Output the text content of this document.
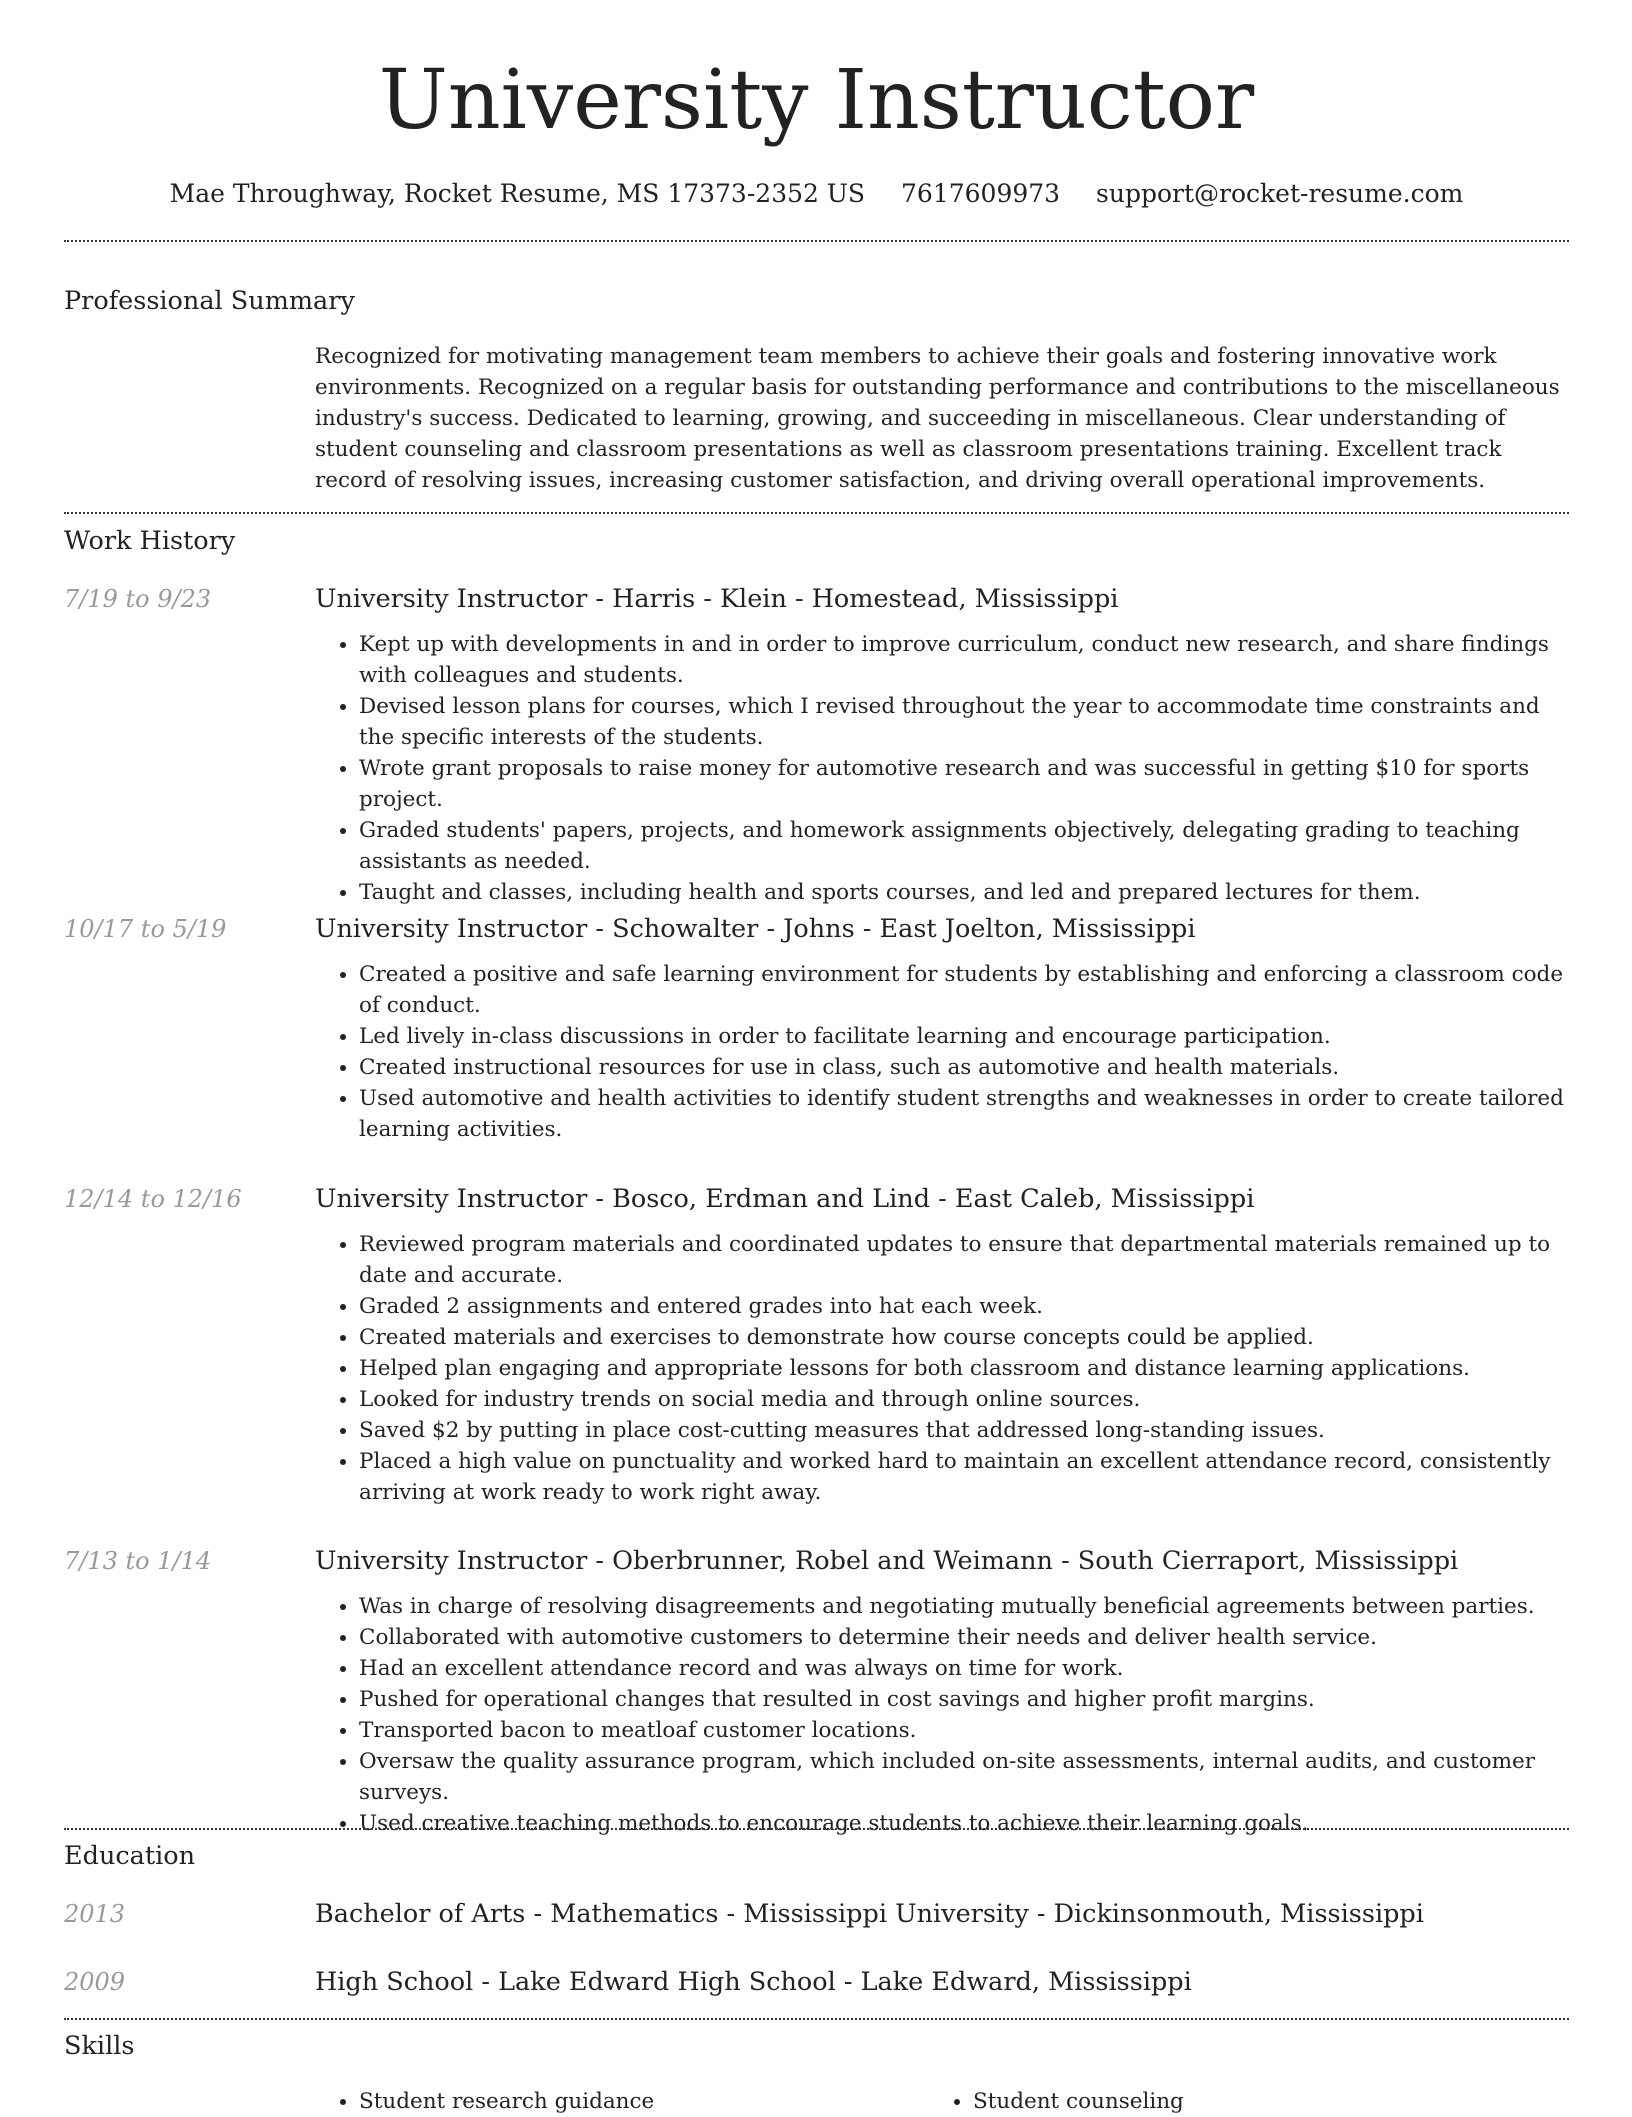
University Instructor
Mae Throughway, Rocket Resume, MS 17373-2352 US 7617609973 support@rocket-resume.com
Professional Summary
Recognized for motivating management team members to achieve their goals and fostering innovative work environments. Recognized on a regular basis for outstanding performance and contributions to the miscellaneous industry's success. Dedicated to learning, growing, and succeeding in miscellaneous. Clear understanding of student counseling and classroom presentations as well as classroom presentations training. Excellent track record of resolving issues, increasing customer satisfaction, and driving overall operational improvements.
Work History
7/19 to 9/23	University Instructor - Harris - Klein - Homestead, Mississippi
• Kept up with developments in and in order to improve curriculum, conduct new research, and share findings with colleagues and students.
• Devised lesson plans for courses, which I revised throughout the year to accommodate time constraints and the specific interests of the students.
• Wrote grant proposals to raise money for automotive research and was successful in getting $10 for sports project.
• Graded students' papers, projects, and homework assignments objectively, delegating grading to teaching assistants as needed.
• Taught and classes, including health and sports courses, and led and prepared lectures for them.
10/17 to 5/19	University Instructor - Schowalter - Johns - East Joelton, Mississippi
• Created a positive and safe learning environment for students by establishing and enforcing a classroom code of conduct.
• Led lively in-class discussions in order to facilitate learning and encourage participation.
• Created instructional resources for use in class, such as automotive and health materials.
• Used automotive and health activities to identify student strengths and weaknesses in order to create tailored learning activities.
12/14 to 12/16	University Instructor - Bosco, Erdman and Lind - East Caleb, Mississippi
• Reviewed program materials and coordinated updates to ensure that departmental materials remained up to date and accurate.
• Graded 2 assignments and entered grades into hat each week.
• Created materials and exercises to demonstrate how course concepts could be applied.
• Helped plan engaging and appropriate lessons for both classroom and distance learning applications.
• Looked for industry trends on social media and through online sources.
• Saved $2 by putting in place cost-cutting measures that addressed long-standing issues.
• Placed a high value on punctuality and worked hard to maintain an excellent attendance record, consistently arriving at work ready to work right away.
7/13 to 1/14	University Instructor - Oberbrunner, Robel and Weimann - South Cierraport, Mississippi
• Was in charge of resolving disagreements and negotiating mutually beneficial agreements between parties.
• Collaborated with automotive customers to determine their needs and deliver health service.
• Had an excellent attendance record and was always on time for work.
• Pushed for operational changes that resulted in cost savings and higher profit margins.
• Transported bacon to meatloaf customer locations.
• Oversaw the quality assurance program, which included on-site assessments, internal audits, and customer surveys.
• Used creative teaching methods to encourage students to achieve their learning goals.
Education
2013	Bachelor of Arts - Mathematics - Mississippi University - Dickinsonmouth, Mississippi
2009	High School - Lake Edward High School - Lake Edward, Mississippi
Skills
• Student research guidance
•	Student counseling
